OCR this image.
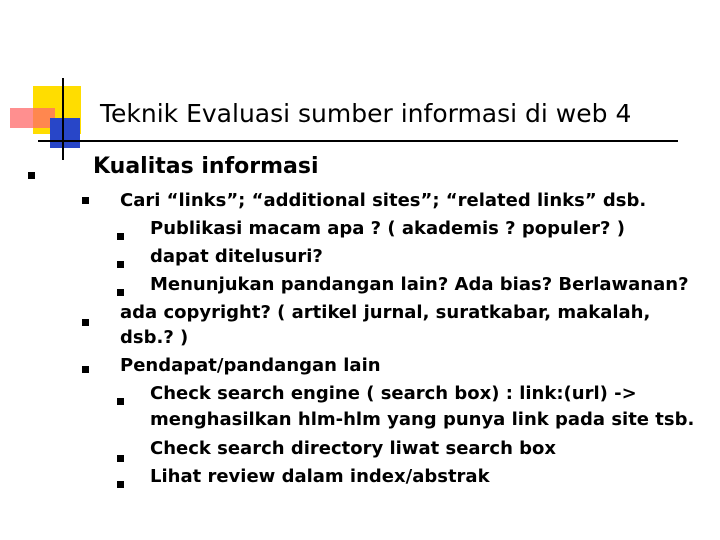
Teknik Evaluasi sumber informasi di web 4
Kualitas informasi
Cari “links”; “additional sites”; “related links” dsb.
Publikasi macam apa ? ( akademis ? populer? )
dapat ditelusuri?
Menunjukan pandangan lain? Ada bias? Berlawanan?
ada copyright? ( artikel jurnal, suratkabar, makalah,
dsb.? )
Pendapat/pandangan lain
Check search engine ( search box) : link:(url) ->
menghasilkan hlm-hlm yang punya link pada site tsb.
Check search directory liwat search box
Lihat review dalam index/abstrak
